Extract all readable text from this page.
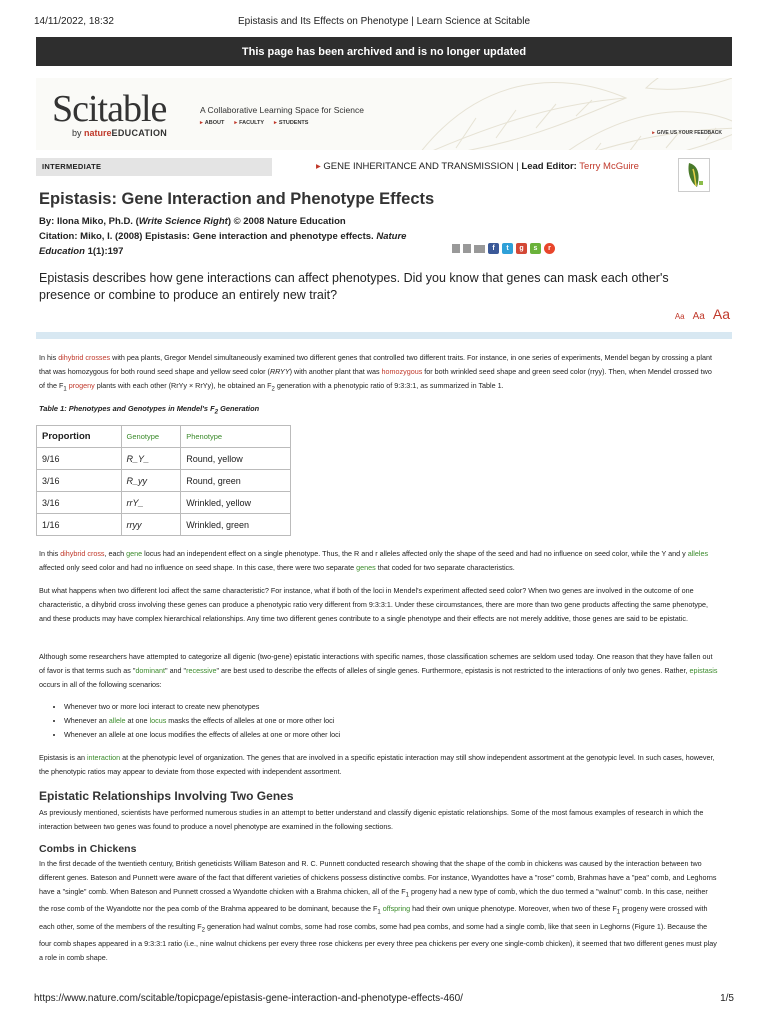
14/11/2022, 18:32	Epistasis and Its Effects on Phenotype | Learn Science at Scitable
This page has been archived and is no longer updated
Scitable
by natureEDUCATION
A Collaborative Learning Space for Science
▸ ABOUT ▸ FACULTY ▸ STUDENTS
▸ GIVE US YOUR FEEDBACK
INTERMEDIATE	▸ GENE INHERITANCE AND TRANSMISSION | Lead Editor: Terry McGuire
Epistasis: Gene Interaction and Phenotype Effects
By: Ilona Miko, Ph.D. (Write Science Right) © 2008 Nature Education
Citation: Miko, I. (2008) Epistasis: Gene interaction and phenotype effects. Nature Education 1(1):197	f	t	g	s	r
Epistasis describes how gene interactions can affect phenotypes. Did you know that genes can mask each other's presence or combine to produce an entirely new trait?
Aa Aa Aa
In his dihybrid crosses with pea plants, Gregor Mendel simultaneously examined two different genes that controlled two different traits. For instance, in one series of experiments, Mendel began by crossing a plant that was homozygous for both round seed shape and yellow seed color (RRYY) with another plant that was homozygous for both wrinkled seed shape and green seed color (rryy). Then, when Mendel crossed two of the $F_1$ progeny plants with each other (RrYy × RrYy), he obtained an $F_2$ generation with a phenotypic ratio of 9:3:3:1, as summarized in Table 1.
Table 1: Phenotypes and Genotypes in Mendel's $F_2$ Generation
Proportion	Genotype	Phenotype
9/16	R_Y_	Round, yellow
3/16	R_yy	Round, green
3/16	rrY_	Wrinkled, yellow
1/16	rryy	Wrinkled, green
In this dihybrid cross, each gene locus had an independent effect on a single phenotype. Thus, the R and r alleles affected only the shape of the seed and had no influence on seed color, while the Y and y alleles affected only seed color and had no influence on seed shape. In this case, there were two separate genes that coded for two separate characteristics.
But what happens when two different loci affect the same characteristic? For instance, what if both of the loci in Mendel's experiment affected seed color? When two genes are involved in the outcome of one characteristic, a dihybrid cross involving these genes can produce a phenotypic ratio very different from 9:3:3:1. Under these circumstances, there are more than two gene products affecting the same phenotype, and these products may have complex hierarchical relationships. Any time two different genes contribute to a single phenotype and their effects are not merely additive, those genes are said to be epistatic.
Although some researchers have attempted to categorize all digenic (two-gene) epistatic interactions with specific names, those classification schemes are seldom used today. One reason that they have fallen out of favor is that terms such as "dominant" and "recessive" are best used to describe the effects of alleles of single genes. Furthermore, epistasis is not restricted to the interactions of only two genes. Rather, epistasis occurs in all of the following scenarios:
• Whenever two or more loci interact to create new phenotypes
• Whenever an allele at one locus masks the effects of alleles at one or more other loci
• Whenever an allele at one locus modifies the effects of alleles at one or more other loci
Epistasis is an interaction at the phenotypic level of organization. The genes that are involved in a specific epistatic interaction may still show independent assortment at the genotypic level. In such cases, however, the phenotypic ratios may appear to deviate from those expected with independent assortment.
Epistatic Relationships Involving Two Genes
As previously mentioned, scientists have performed numerous studies in an attempt to better understand and classify digenic epistatic relationships. Some of the most famous examples of research in which the interaction between two genes was found to produce a novel phenotype are examined in the following sections.
Combs in Chickens
In the first decade of the twentieth century, British geneticists William Bateson and R. C. Punnett conducted research showing that the shape of the comb in chickens was caused by the interaction between two different genes. Bateson and Punnett were aware of the fact that different varieties of chickens possess distinctive combs. For instance, Wyandottes have a "rose" comb, Brahmas have a "pea" comb, and Leghorns have a "single" comb. When Bateson and Punnett crossed a Wyandotte chicken with a Brahma chicken, all of the $F_1$ progeny had a new type of comb, which the duo termed a "walnut" comb. In this case, neither the rose comb of the Wyandotte nor the pea comb of the Brahma appeared to be dominant, because the $F_1$ offspring had their own unique phenotype. Moreover, when two of these $F_1$ progeny were crossed with each other, some of the members of the resulting $F_2$ generation had walnut combs, some had rose combs, some had pea combs, and some had a single comb, like that seen in Leghorns (Figure 1). Because the four comb shapes appeared in a 9:3:3:1 ratio (i.e., nine walnut chickens per every three rose chickens per every three pea chickens per every one single-comb chicken), it seemed that two different genes must play a role in comb shape.
https://www.nature.com/scitable/topicpage/epistasis-gene-interaction-and-phenotype-effects-460/	1/5
